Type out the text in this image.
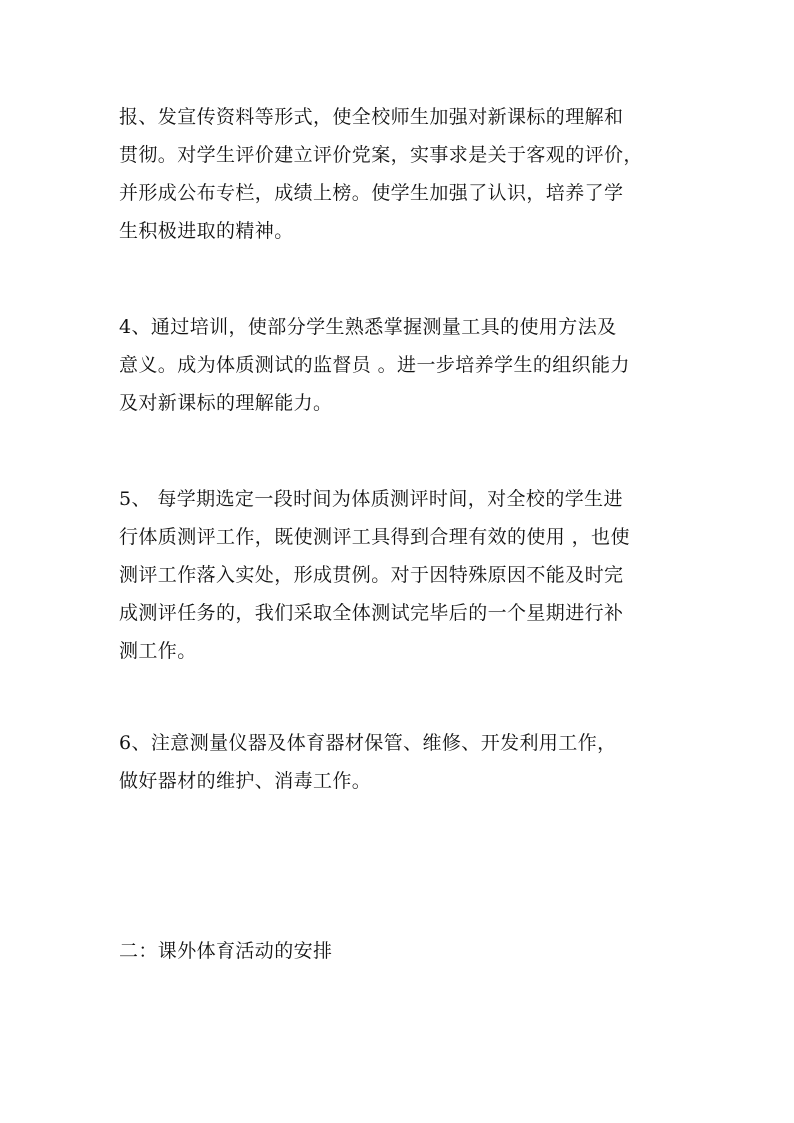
报、发宣传资料等形式，使全校师生加强对新课标的理解和
贯彻。对学生评价建立评价党案，实事求是关于客观的评价，
并形成公布专栏，成绩上榜。使学生加强了认识，培养了学
生积极进取的精神。
4、通过培训，使部分学生熟悉掌握测量工具的使用方法及
意义。成为体质测试的监督员 。进一步培养学生的组织能力
及对新课标的理解能力。
5、 每学期选定一段时间为体质测评时间，对全校的学生进
行体质测评工作，既使测评工具得到合理有效的使用 ，也使
测评工作落入实处，形成贯例。对于因特殊原因不能及时完
成测评任务的，我们采取全体测试完毕后的一个星期进行补
测工作。
6、注意测量仪器及体育器材保管、维修、开发利用工作，
做好器材的维护、消毒工作。
二：课外体育活动的安排
